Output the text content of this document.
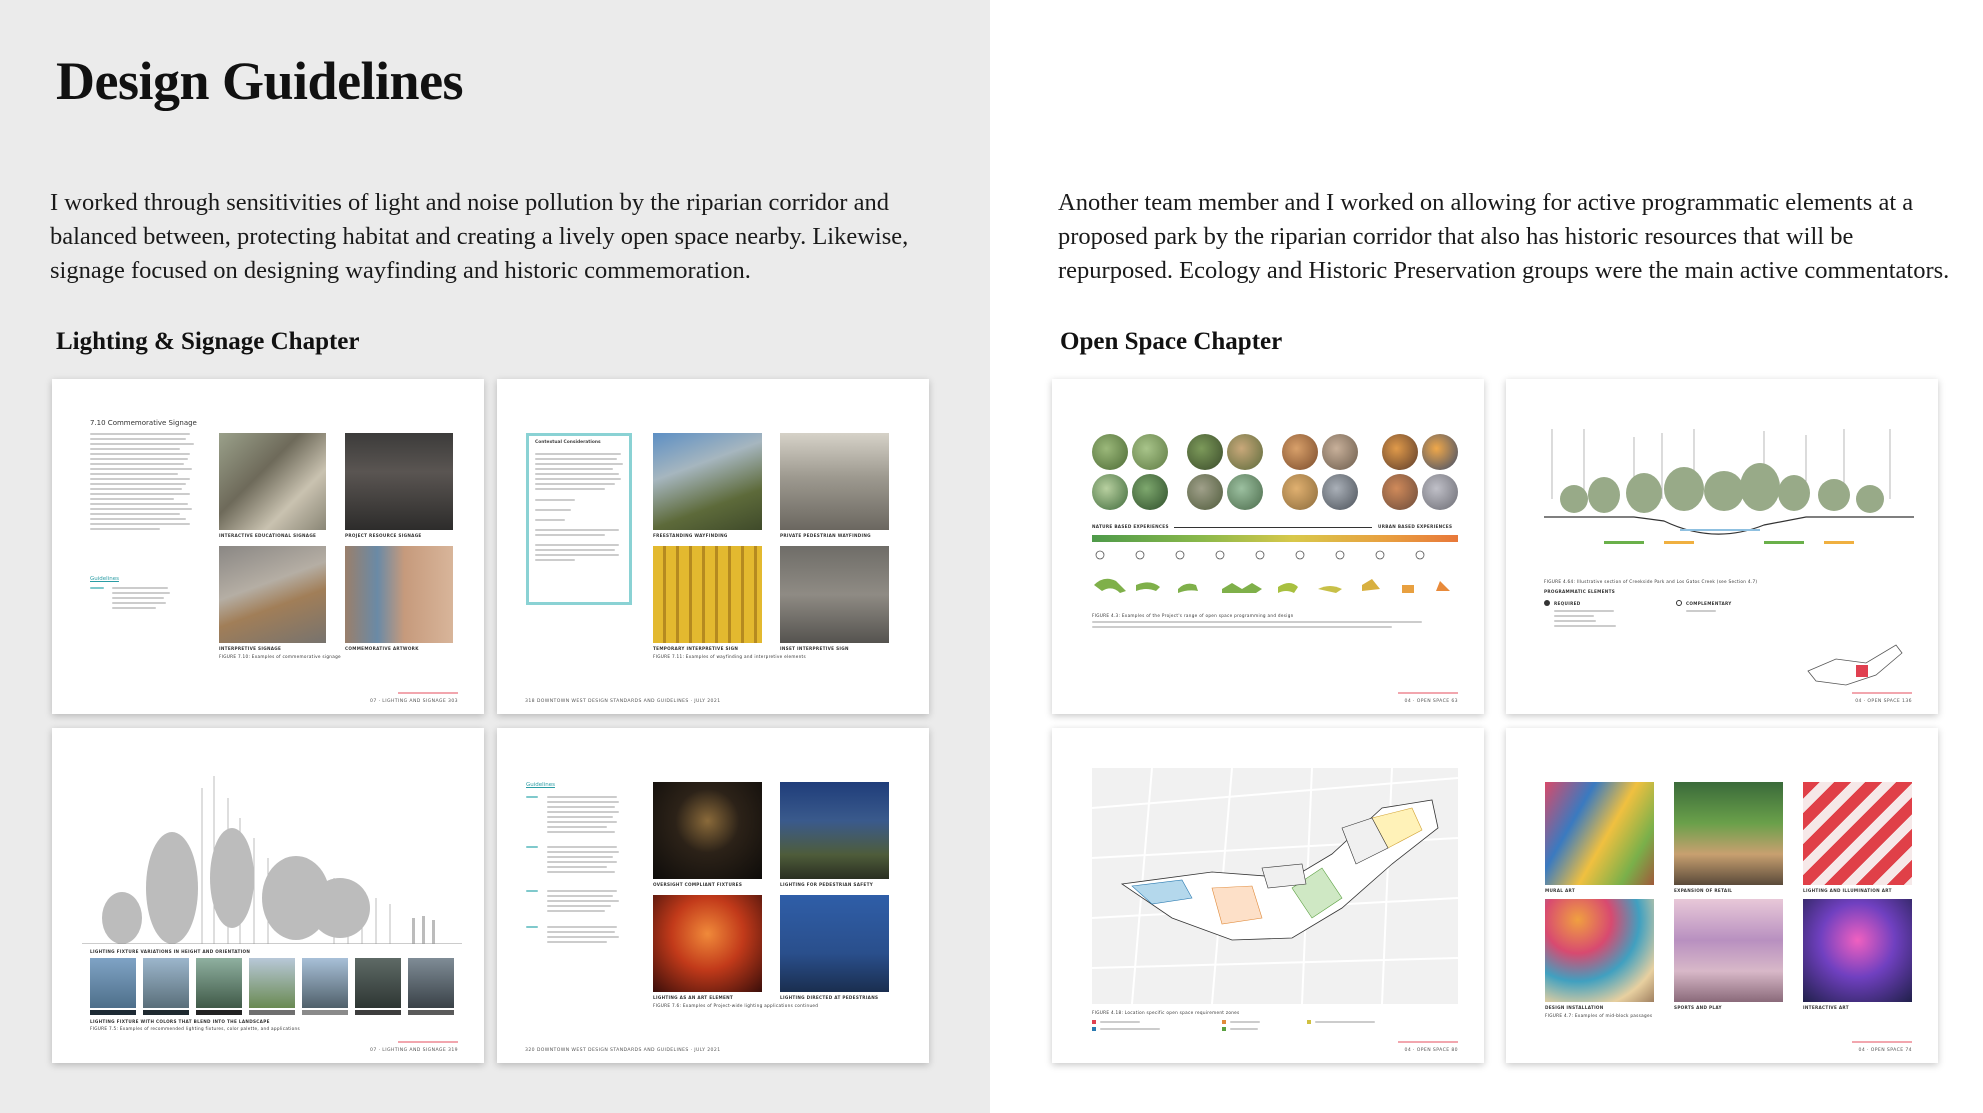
Design Guidelines

I worked through sensitivities of light and noise pollution by the riparian corridor and balanced between, protecting habitat and creating a lively open space nearby. Likewise, signage focused on designing wayfinding and historic commemoration.

Another team member and I worked on allowing for active programmatic elements at a proposed park by the riparian corridor that also has historic resources that will be repurposed. Ecology and Historic Preservation groups were the main active commentators.

Lighting & Signage Chapter	Open Space Chapter
7.10 Commemorative Signage
Guidelines
INTERACTIVE EDUCATIONAL SIGNAGE	PROJECT RESOURCE SIGNAGE
INTERPRETIVE SIGNAGE	COMMEMORATIVE ARTWORK
FIGURE 7.10: Examples of commemorative signage
07 · LIGHTING AND SIGNAGE 303
Contextual Considerations
FREESTANDING WAYFINDING	PRIVATE PEDESTRIAN WAYFINDING
TEMPORARY INTERPRETIVE SIGN	INSET INTERPRETIVE SIGN
FIGURE 7.11: Examples of wayfinding and interpretive elements
318 DOWNTOWN WEST DESIGN STANDARDS AND GUIDELINES · JULY 2021
LIGHTING FIXTURE VARIATIONS IN HEIGHT AND ORIENTATION
LIGHTING FIXTURE WITH COLORS THAT BLEND INTO THE LANDSCAPE
FIGURE 7.5: Examples of recommended lighting fixtures, color palette, and applications
07 · LIGHTING AND SIGNAGE 319
Guidelines
OVERSIGHT COMPLIANT FIXTURES	LIGHTING FOR PEDESTRIAN SAFETY
LIGHTING AS AN ART ELEMENT	LIGHTING DIRECTED AT PEDESTRIANS
FIGURE 7.6: Examples of Project-wide lighting applications continued
320 DOWNTOWN WEST DESIGN STANDARDS AND GUIDELINES · JULY 2021
NATURE BASED EXPERIENCES	URBAN BASED EXPERIENCES
FIGURE 4.3: Examples of the Project's range of open space programming and design
04 · OPEN SPACE 63
FIGURE 4.64: Illustrative section of Creekside Park and Los Gatos Creek (see Section 4.7)
PROGRAMMATIC ELEMENTS
REQUIRED	COMPLEMENTARY
04 · OPEN SPACE 136
FIGURE 4.18: Location specific open space requirement zones
04 · OPEN SPACE 80
MURAL ART	EXPANSION OF RETAIL	LIGHTING AND ILLUMINATION ART
DESIGN INSTALLATION	SPORTS AND PLAY	INTERACTIVE ART
FIGURE 4.7: Examples of mid-block passages
04 · OPEN SPACE 74
